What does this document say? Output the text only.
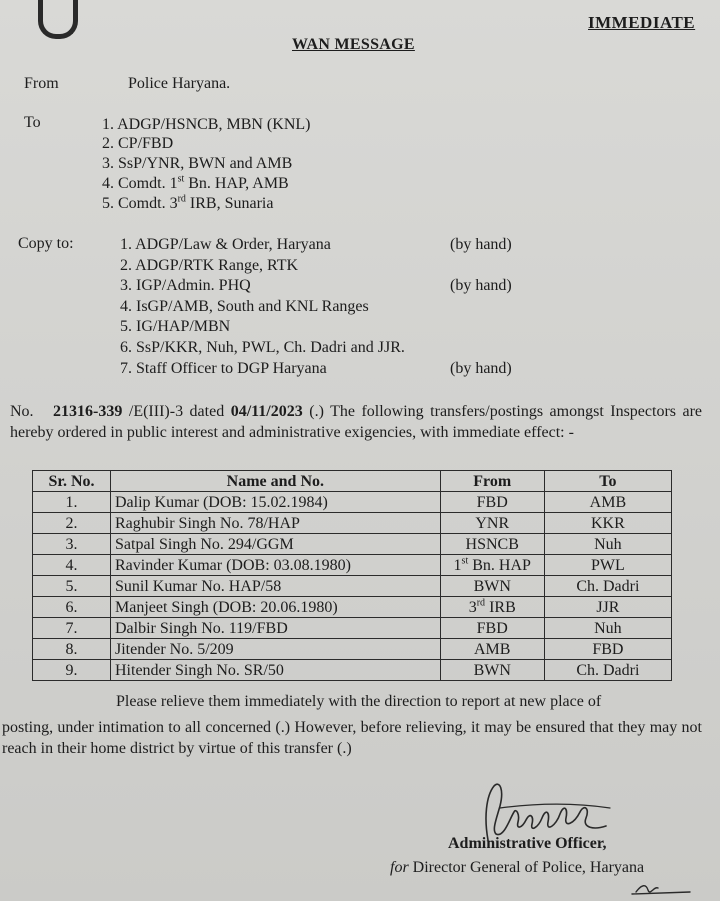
IMMEDIATE
WAN MESSAGE
From	Police Haryana.
To	1. ADGP/HSNCB, MBN (KNL)
2. CP/FBD
3. SsP/YNR, BWN and AMB
4. Comdt. 1st Bn. HAP, AMB
5. Comdt. 3rd IRB, Sunaria
Copy to:	1. ADGP/Law & Order, Haryana	(by hand)
2. ADGP/RTK Range, RTK
3. IGP/Admin. PHQ	(by hand)
4. IsGP/AMB, South and KNL Ranges
5. IG/HAP/MBN
6. SsP/KKR, Nuh, PWL, Ch. Dadri and JJR.
7. Staff Officer to DGP Haryana	(by hand)
No. 21316-339 /E(III)-3 dated 04/11/2023 (.) The following transfers/postings amongst Inspectors are hereby ordered in public interest and administrative exigencies, with immediate effect: -
Sr. No.	Name and No.	From	To
1.	Dalip Kumar (DOB: 15.02.1984)	FBD	AMB
2.	Raghubir Singh No. 78/HAP	YNR	KKR
3.	Satpal Singh No. 294/GGM	HSNCB	Nuh
4.	Ravinder Kumar (DOB: 03.08.1980)	1st Bn. HAP	PWL
5.	Sunil Kumar No. HAP/58	BWN	Ch. Dadri
6.	Manjeet Singh (DOB: 20.06.1980)	3rd IRB	JJR
7.	Dalbir Singh No. 119/FBD	FBD	Nuh
8.	Jitender No. 5/209	AMB	FBD
9.	Hitender Singh No. SR/50	BWN	Ch. Dadri
Please relieve them immediately with the direction to report at new place of
posting, under intimation to all concerned (.) However, before relieving, it may be ensured that they may not reach in their home district by virtue of this transfer (.)
Administrative Officer,
for Director General of Police, Haryana
